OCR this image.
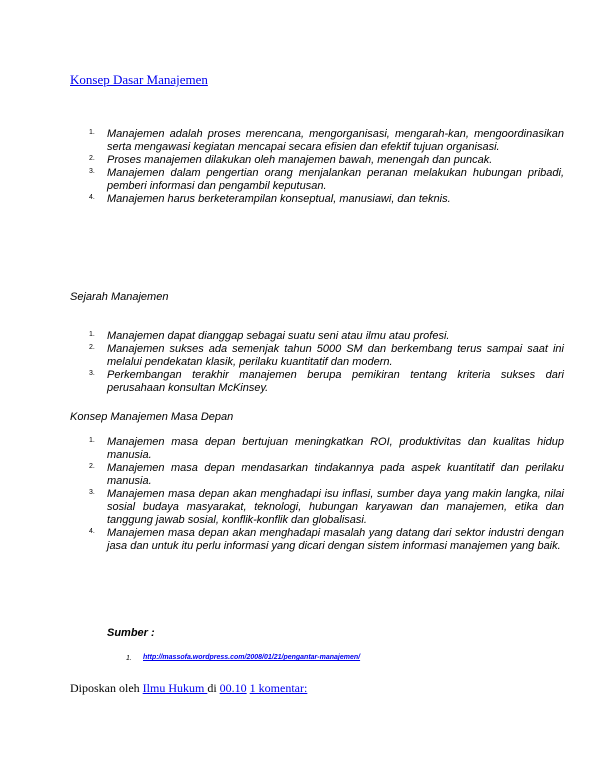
Konsep Dasar Manajemen
1. Manajemen adalah proses merencana, mengorganisasi, mengarah-kan, mengoordinasikan serta mengawasi kegiatan mencapai secara efisien dan efektif tujuan organisasi.
2. Proses manajemen dilakukan oleh manajemen bawah, menengah dan puncak.
3. Manajemen dalam pengertian orang menjalankan peranan melakukan hubungan pribadi, pemberi informasi dan pengambil keputusan.
4. Manajemen harus berketerampilan konseptual, manusiawi, dan teknis.
Sejarah Manajemen
1. Manajemen dapat dianggap sebagai suatu seni atau ilmu atau profesi.
2. Manajemen sukses ada semenjak tahun 5000 SM dan berkembang terus sampai saat ini melalui pendekatan klasik, perilaku kuantitatif dan modern.
3. Perkembangan terakhir manajemen berupa pemikiran tentang kriteria sukses dari perusahaan konsultan McKinsey.
Konsep Manajemen Masa Depan
1. Manajemen masa depan bertujuan meningkatkan ROI, produktivitas dan kualitas hidup manusia.
2. Manajemen masa depan mendasarkan tindakannya pada aspek kuantitatif dan perilaku manusia.
3. Manajemen masa depan akan menghadapi isu inflasi, sumber daya yang makin langka, nilai sosial budaya masyarakat, teknologi, hubungan karyawan dan manajemen, etika dan tanggung jawab sosial, konflik-konflik dan globalisasi.
4. Manajemen masa depan akan menghadapi masalah yang datang dari sektor industri dengan jasa dan untuk itu perlu informasi yang dicari dengan sistem informasi manajemen yang baik.
Sumber :
1. http://massofa.wordpress.com/2008/01/21/pengantar-manajemen/
Diposkan oleh Ilmu Hukum di 00.10 1 komentar:
